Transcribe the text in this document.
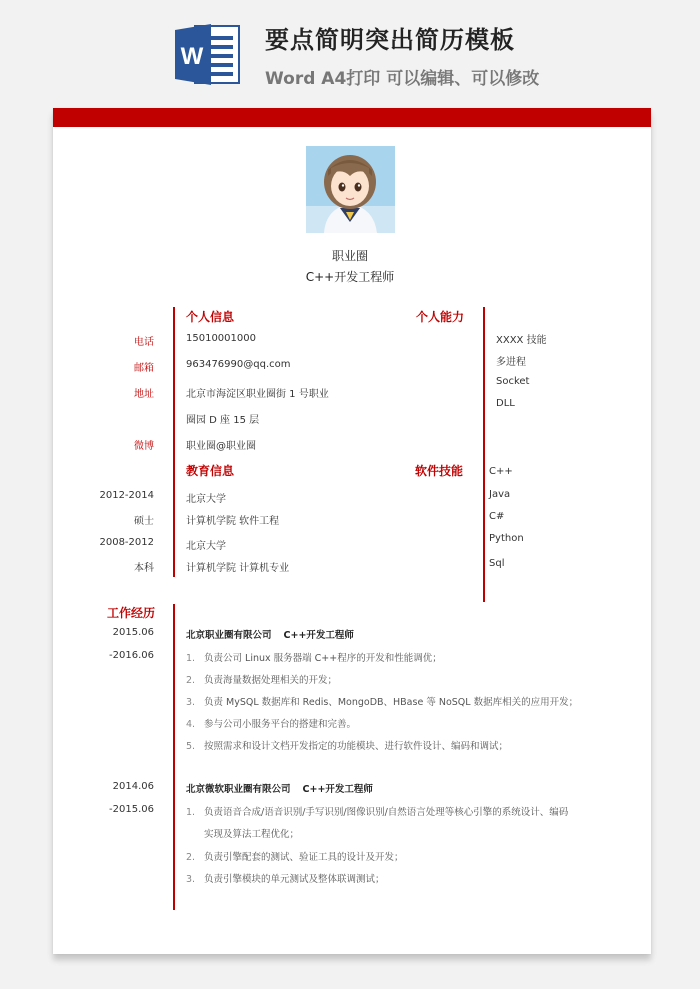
W
要点简明突出简历模板
Word A4打印 可以编辑、可以修改
职业圈
C++开发工程师
个人信息
电话	15010001000
邮箱	963476990@qq.com
地址	北京市海淀区职业圈街 1 号职业
圈园 D 座 15 层
微博	职业圈@职业圈
个人能力
XXXX 技能
多进程
Socket
DLL
教育信息
2012-2014	北京大学
硕士	计算机学院 软件工程
2008-2012	北京大学
本科	计算机学院 计算机专业
软件技能	C++
Java
C#
Python
Sql
工作经历
2015.06
-2016.06
北京职业圈有限公司 C++开发工程师
1. 负责公司 Linux 服务器端 C++程序的开发和性能调优；
2. 负责海量数据处理相关的开发；
3. 负责 MySQL 数据库和 Redis、MongoDB、HBase 等 NoSQL 数据库相关的应用开发；
4. 参与公司小服务平台的搭建和完善。
5. 按照需求和设计文档开发指定的功能模块、进行软件设计、编码和调试；
2014.06
-2015.06
北京微软职业圈有限公司 C++开发工程师
1. 负责语音合成/语音识别/手写识别/图像识别/自然语言处理等核心引擎的系统设计、编码
实现及算法工程优化；
2. 负责引擎配套的测试、验证工具的设计及开发；
3. 负责引擎模块的单元测试及整体联调测试；
